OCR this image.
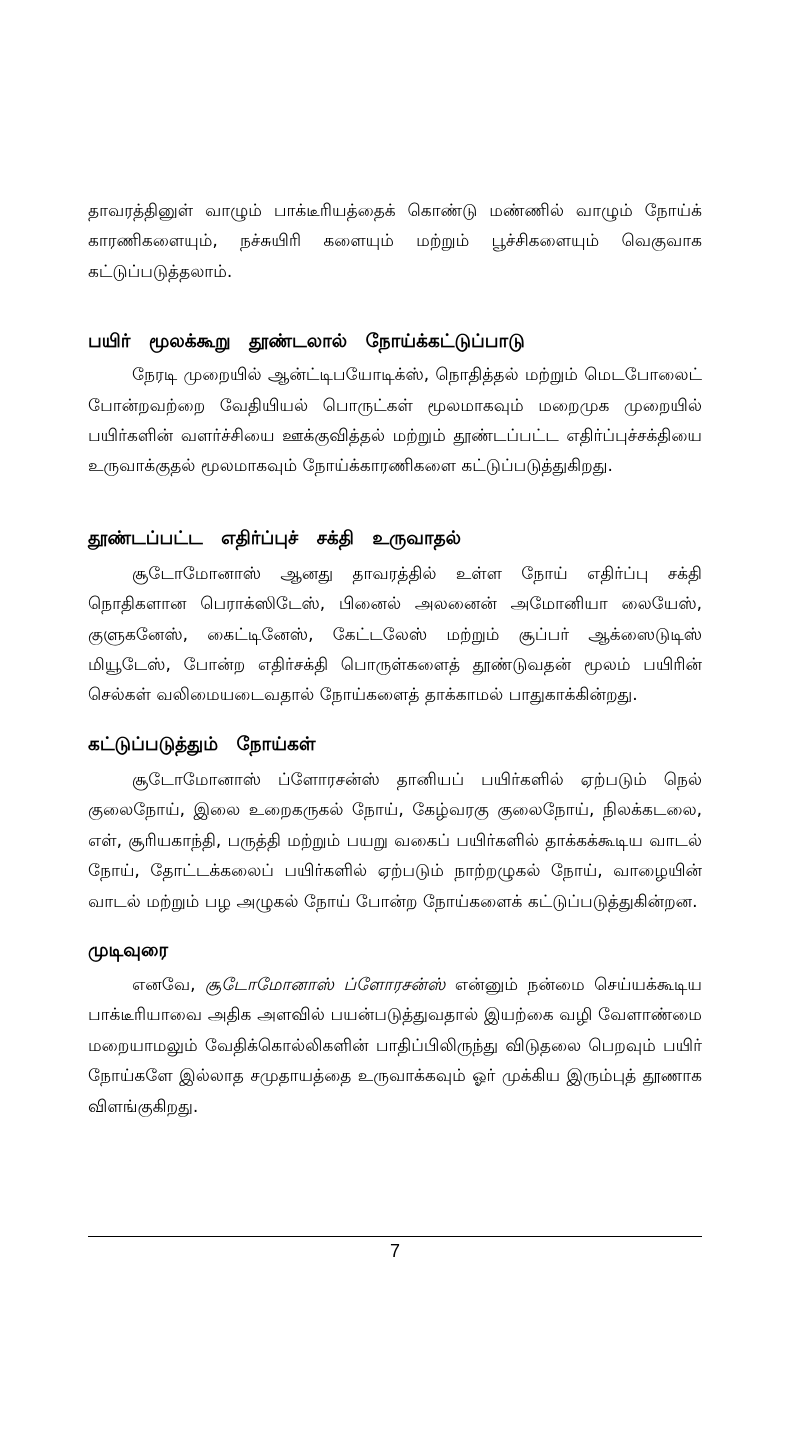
தாவரத்தினுள் வாழும் பாக்டீரியத்தைக் கொண்டு மண்ணில் வாழும் நோய்க் காரணிகளையும், நச்சுயிரி களையும் மற்றும் பூச்சிகளையும் வெகுவாக கட்டுப்படுத்தலாம்.

பயிர் மூலக்கூறு தூண்டலால் நோய்க்கட்டுப்பாடு

நேரடி முறையில் ஆன்ட்டிபயோடிக்ஸ், நொதித்தல் மற்றும் மெடபோலைட் போன்றவற்றை வேதியியல் பொருட்கள் மூலமாகவும் மறைமுக முறையில் பயிர்களின் வளர்ச்சியை ஊக்குவித்தல் மற்றும் தூண்டப்பட்ட எதிர்ப்புச்சக்தியை உருவாக்குதல் மூலமாகவும் நோய்க்காரணிகளை கட்டுப்படுத்துகிறது.

தூண்டப்பட்ட எதிர்ப்புச் சக்தி உருவாதல்

சூடோமோனாஸ் ஆனது தாவரத்தில் உள்ள நோய் எதிர்ப்பு சக்தி நொதிகளான பெராக்ஸிடேஸ், பினைல் அலனைன் அமோனியா லையேஸ், குளுகனேஸ், கைட்டினேஸ், கேட்டலேஸ் மற்றும் சூப்பர் ஆக்ஸைடுடிஸ் மியூடேஸ், போன்ற எதிர்சக்தி பொருள்களைத் தூண்டுவதன் மூலம் பயிரின் செல்கள் வலிமையடைவதால் நோய்களைத் தாக்காமல் பாதுகாக்கின்றது.

கட்டுப்படுத்தும் நோய்கள்

சூடோமோனாஸ் ப்ளோரசன்ஸ் தானியப் பயிர்களில் ஏற்படும் நெல் குலைநோய், இலை உறைகருகல் நோய், கேழ்வரகு குலைநோய், நிலக்கடலை, எள், சூரியகாந்தி, பருத்தி மற்றும் பயறு வகைப் பயிர்களில் தாக்கக்கூடிய வாடல் நோய், தோட்டக்கலைப் பயிர்களில் ஏற்படும் நாற்றழுகல் நோய், வாழையின் வாடல் மற்றும் பழ அழுகல் நோய் போன்ற நோய்களைக் கட்டுப்படுத்துகின்றன.

முடிவுரை

எனவே, சூடோமோனாஸ் ப்ளோரசன்ஸ் என்னும் நன்மை செய்யக்கூடிய பாக்டீரியாவை அதிக அளவில் பயன்படுத்துவதால் இயற்கை வழி வேளாண்மை மறையாமலும் வேதிக்கொல்லிகளின் பாதிப்பிலிருந்து விடுதலை பெறவும் பயிர் நோய்களே இல்லாத சமுதாயத்தை உருவாக்கவும் ஓர் முக்கிய இரும்புத் தூணாக விளங்குகிறது.

7
